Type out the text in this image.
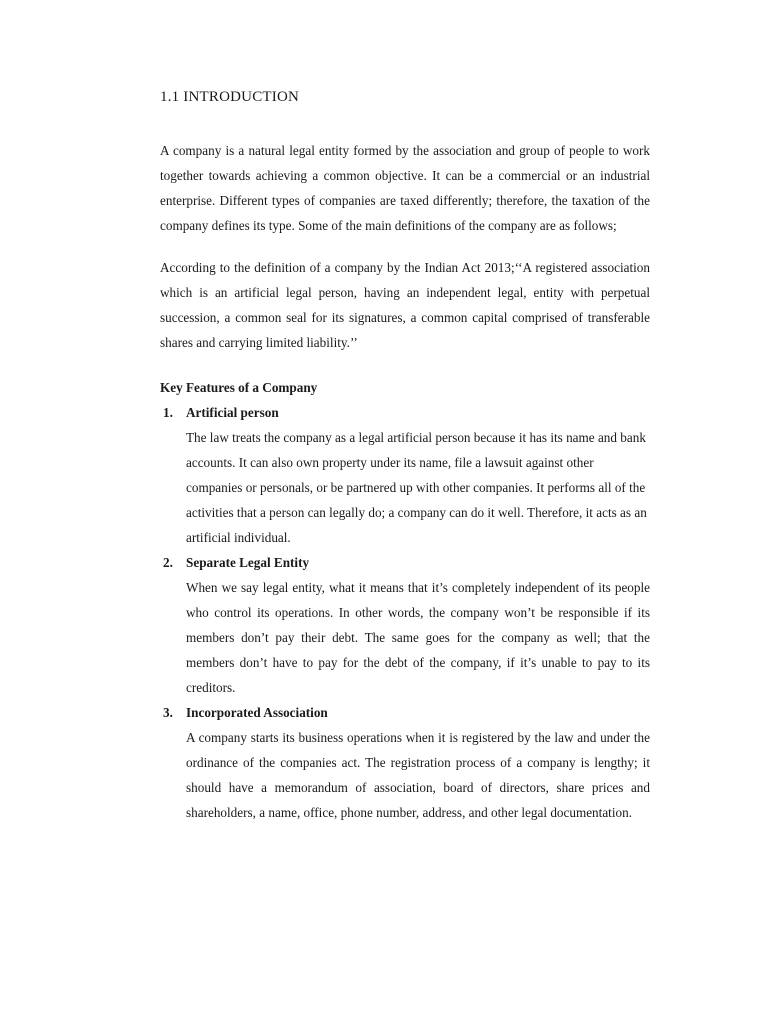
1.1 INTRODUCTION

A company is a natural legal entity formed by the association and group of people to work together towards achieving a common objective. It can be a commercial or an industrial enterprise. Different types of companies are taxed differently; therefore, the taxation of the company defines its type. Some of the main definitions of the company are as follows;

According to the definition of a company by the Indian Act 2013;‘‘A registered association which is an artificial legal person, having an independent legal, entity with perpetual succession, a common seal for its signatures, a common capital comprised of transferable shares and carrying limited liability.’’

Key Features of a Company
1. Artificial person
The law treats the company as a legal artificial person because it has its name and bank accounts. It can also own property under its name, file a lawsuit against other companies or personals, or be partnered up with other companies. It performs all of the activities that a person can legally do; a company can do it well. Therefore, it acts as an artificial individual.
2. Separate Legal Entity
When we say legal entity, what it means that it’s completely independent of its people who control its operations. In other words, the company won’t be responsible if its members don’t pay their debt. The same goes for the company as well; that the members don’t have to pay for the debt of the company, if it’s unable to pay to its creditors.
3. Incorporated Association
A company starts its business operations when it is registered by the law and under the ordinance of the companies act. The registration process of a company is lengthy; it should have a memorandum of association, board of directors, share prices and shareholders, a name, office, phone number, address, and other legal documentation.
